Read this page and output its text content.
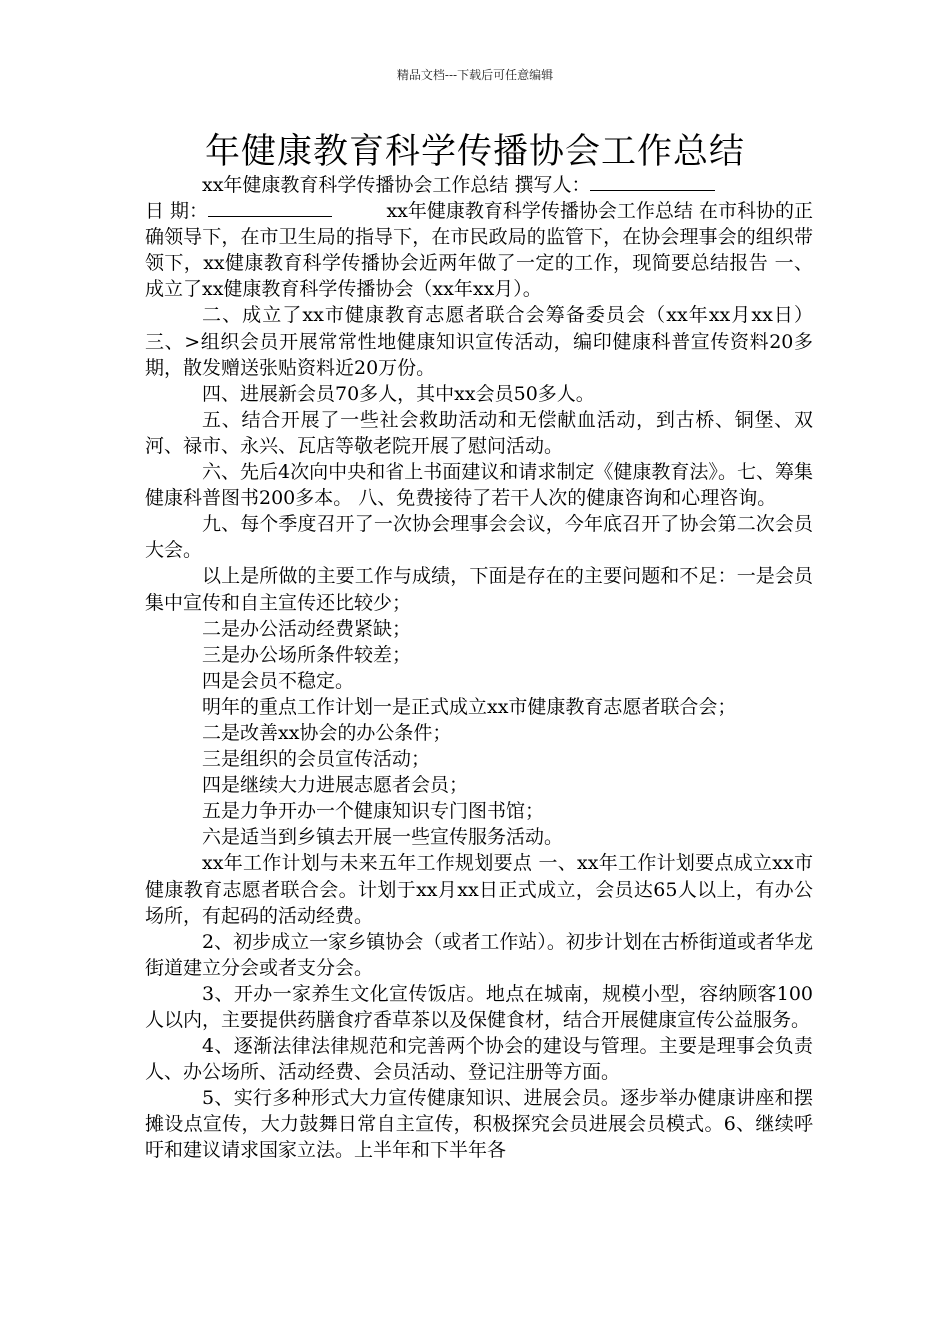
精品文档---下载后可任意编辑
年健康教育科学传播协会工作总结

xx年健康教育科学传播协会工作总结 撰写人：
日 期：	xx年健康教育科学传播协会工作总结 在市科协的正确领导下，在市卫生局的指导下，在市民政局的监管下，在协会理事会的组织带领下，xx健康教育科学传播协会近两年做了一定的工作，现简要总结报告 一、成立了xx健康教育科学传播协会（xx年xx月）。

二、成立了xx市健康教育志愿者联合会筹备委员会（xx年xx月xx日）三、>组织会员开展常常性地健康知识宣传活动，编印健康科普宣传资料20多期，散发赠送张贴资料近20万份。

四、进展新会员70多人，其中xx会员50多人。

五、结合开展了一些社会救助活动和无偿献血活动，到古桥、铜堡、双河、禄市、永兴、瓦店等敬老院开展了慰问活动。

六、先后4次向中央和省上书面建议和请求制定《健康教育法》。七、筹集健康科普图书200多本。 八、免费接待了若干人次的健康咨询和心理咨询。

九、每个季度召开了一次协会理事会会议，今年底召开了协会第二次会员大会。

以上是所做的主要工作与成绩，下面是存在的主要问题和不足：一是会员集中宣传和自主宣传还比较少；

二是办公活动经费紧缺；

三是办公场所条件较差；

四是会员不稳定。

明年的重点工作计划一是正式成立xx市健康教育志愿者联合会；

二是改善xx协会的办公条件；

三是组织的会员宣传活动；

四是继续大力进展志愿者会员；

五是力争开办一个健康知识专门图书馆；

六是适当到乡镇去开展一些宣传服务活动。

xx年工作计划与未来五年工作规划要点 一、xx年工作计划要点成立xx市健康教育志愿者联合会。计划于xx月xx日正式成立，会员达65人以上，有办公场所，有起码的活动经费。

2、初步成立一家乡镇协会（或者工作站）。初步计划在古桥街道或者华龙街道建立分会或者支分会。

3、开办一家养生文化宣传饭店。地点在城南，规模小型，容纳顾客100人以内，主要提供药膳食疗香草茶以及保健食材，结合开展健康宣传公益服务。

4、逐渐法律法律规范和完善两个协会的建设与管理。主要是理事会负责人、办公场所、活动经费、会员活动、登记注册等方面。

5、实行多种形式大力宣传健康知识、进展会员。逐步举办健康讲座和摆摊设点宣传，大力鼓舞日常自主宣传，积极探究会员进展会员模式。6、继续呼吁和建议请求国家立法。上半年和下半年各
